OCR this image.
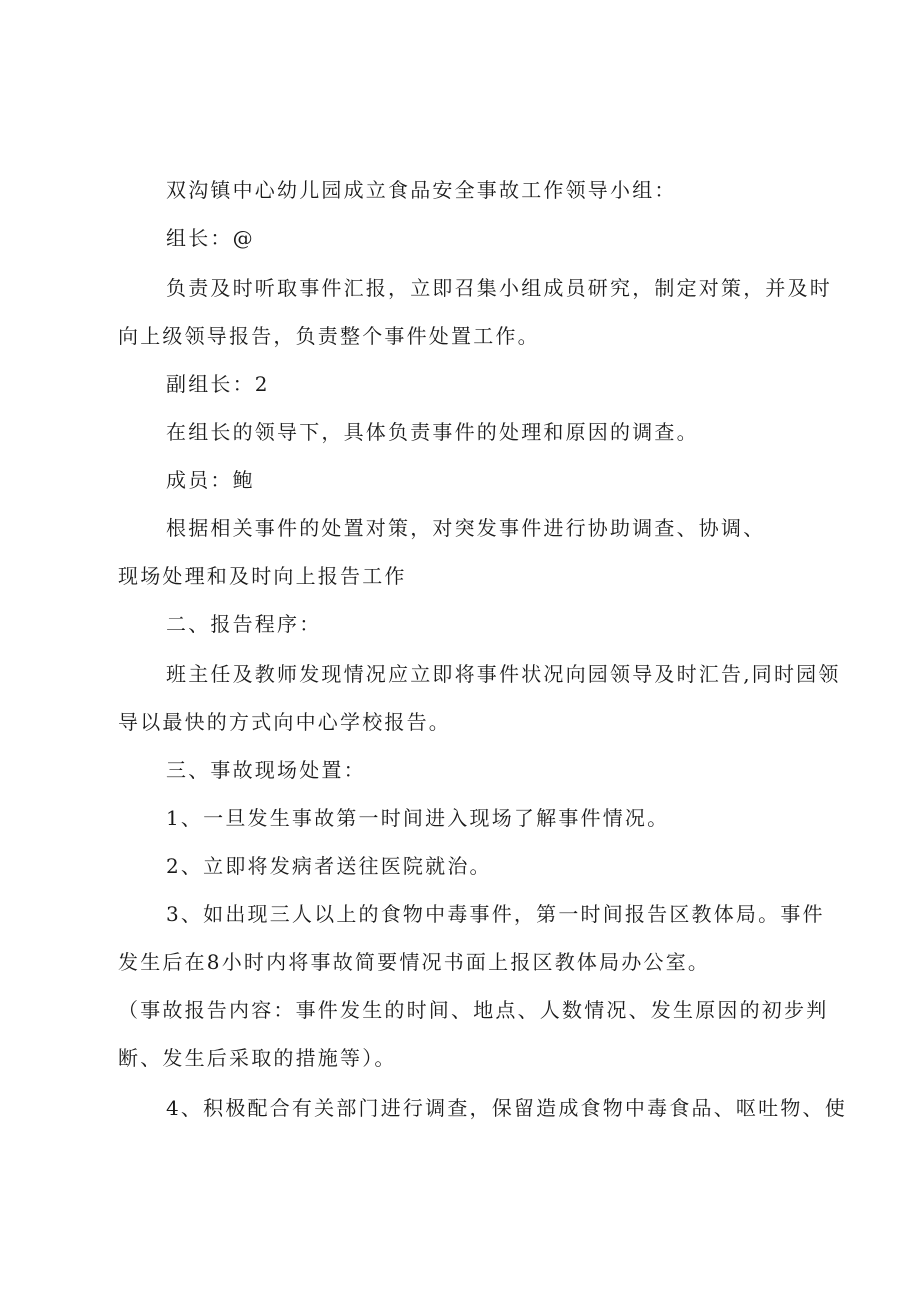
双沟镇中心幼儿园成立食品安全事故工作领导小组：
组长：@
负责及时听取事件汇报，立即召集小组成员研究，制定对策，并及时
向上级领导报告，负责整个事件处置工作。
副组长：2
在组长的领导下，具体负责事件的处理和原因的调查。
成员：鲍
根据相关事件的处置对策，对突发事件进行协助调查、协调、
现场处理和及时向上报告工作
二、报告程序：
班主任及教师发现情况应立即将事件状况向园领导及时汇告,同时园领
导以最快的方式向中心学校报告。
三、事故现场处置：
1、一旦发生事故第一时间进入现场了解事件情况。
2、立即将发病者送往医院就治。
3、如出现三人以上的食物中毒事件，第一时间报告区教体局。事件
发生后在8小时内将事故简要情况书面上报区教体局办公室。
（事故报告内容：事件发生的时间、地点、人数情况、发生原因的初步判
断、发生后采取的措施等）。
4、积极配合有关部门进行调查，保留造成食物中毒食品、呕吐物、使
